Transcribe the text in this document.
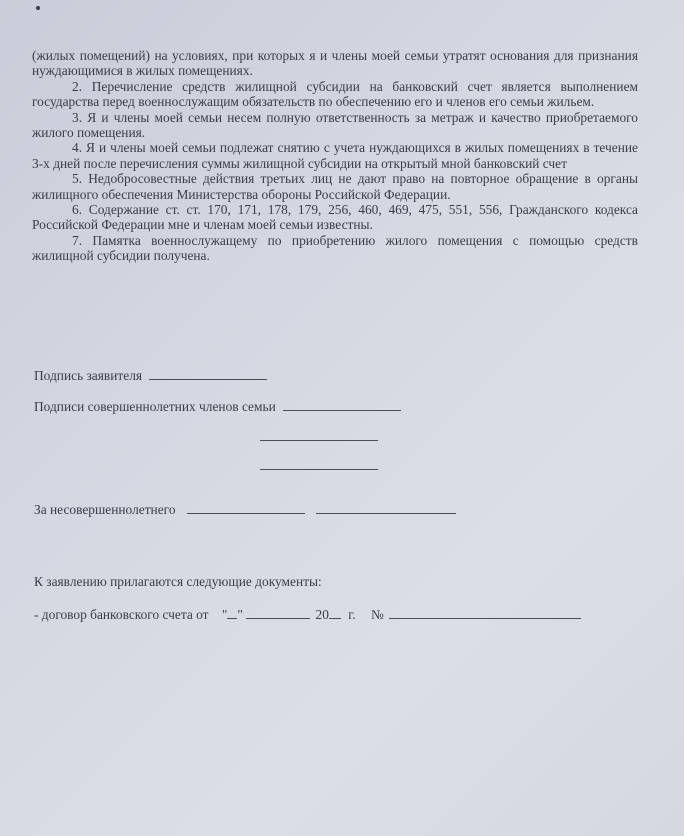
(жилых помещений) на условиях, при которых я и члены моей семьи утратят основания для признания нуждающимися в жилых помещениях.

2. Перечисление средств жилищной субсидии на банковский счет является выполнением государства перед военнослужащим обязательств по обеспечению его и членов его семьи жильем.

3. Я и члены моей семьи несем полную ответственность за метраж и качество приобретаемого жилого помещения.

4. Я и члены моей семьи подлежат снятию с учета нуждающихся в жилых помещениях в течение 3-х дней после перечисления суммы жилищной субсидии на открытый мной банковский счет

5. Недобросовестные действия третьих лиц не дают право на повторное обращение в органы жилищного обеспечения Министерства обороны Российской Федерации.

6. Содержание ст. ст. 170, 171, 178, 179, 256, 460, 469, 475, 551, 556, Гражданского кодекса Российской Федерации мне и членам моей семьи известны.

7. Памятка военнослужащему по приобретению жилого помещения с помощью средств жилищной субсидии получена.

Подпись заявителя
Подписи совершеннолетних членов семьи
За несовершеннолетнего
К заявлению прилагаются следующие документы:
- договор банковского счета от " "	20 г. №
